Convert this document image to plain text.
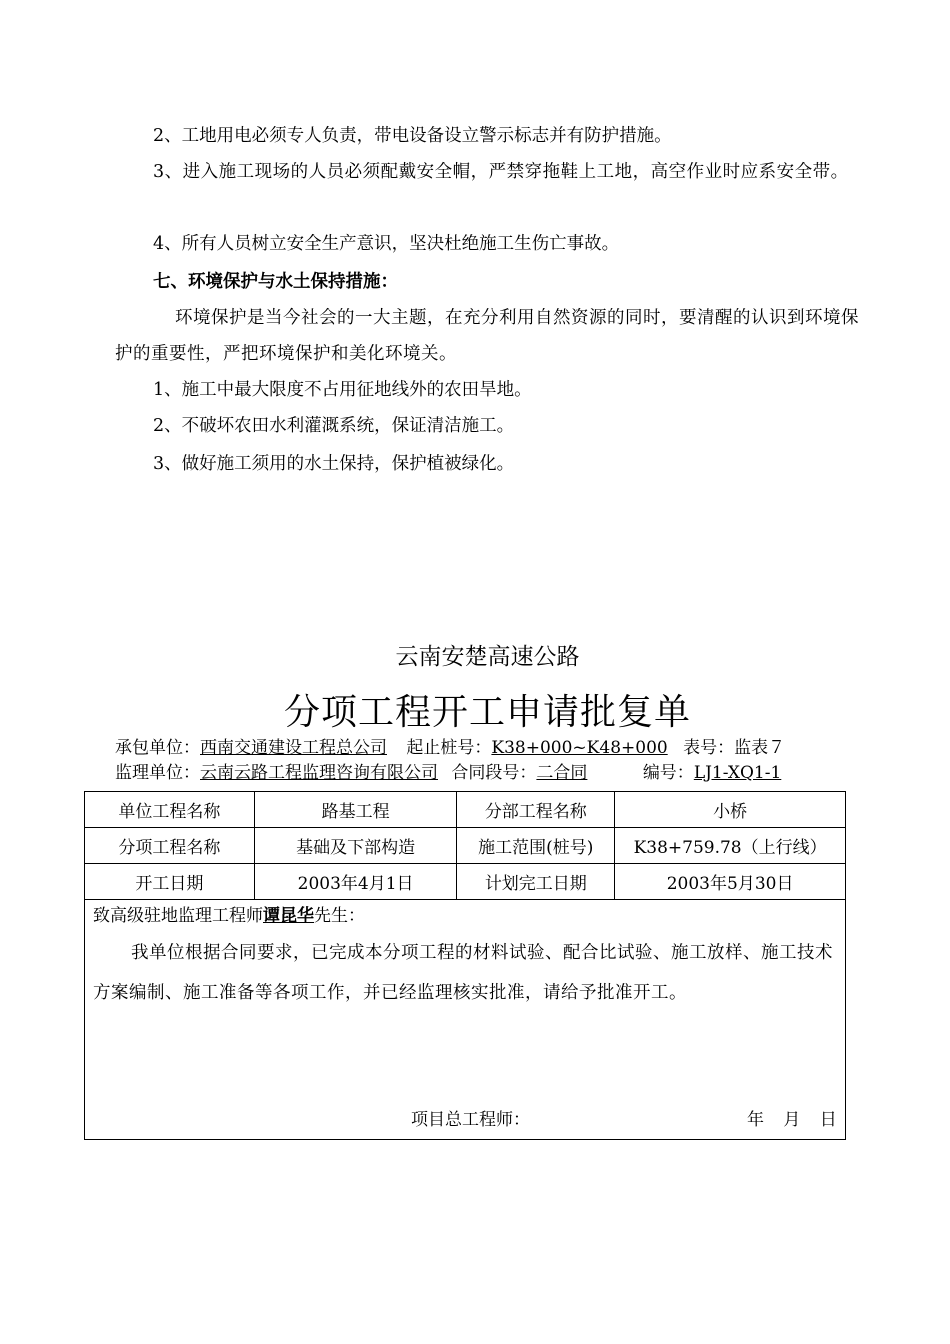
2、工地用电必须专人负责，带电设备设立警示标志并有防护措施。
3、进入施工现场的人员必须配戴安全帽，严禁穿拖鞋上工地，高空作业时应系安全带。
4、所有人员树立安全生产意识，坚决杜绝施工生伤亡事故。
七、环境保护与水土保持措施：
环境保护是当今社会的一大主题，在充分利用自然资源的同时，要清醒的认识到环境保护的重要性，严把环境保护和美化环境关。
1、施工中最大限度不占用征地线外的农田旱地。
2、不破坏农田水利灌溉系统，保证清洁施工。
3、做好施工须用的水土保持，保护植被绿化。
云南安楚高速公路
分项工程开工申请批复单
承包单位：西南交通建设工程总公司 起止桩号：K38+000~K48+000 表号：监表７
监理单位：云南云路工程监理咨询有限公司 合同段号：二合同	编号：LJ1-XQ1-1
单位工程名称	路基工程	分部工程名称	小桥
分项工程名称	基础及下部构造	施工范围(桩号)	K38+759.78（上行线）
开工日期	2003年4月1日	计划完工日期	2003年5月30日
致高级驻地监理工程师谭昆华先生：
我单位根据合同要求，已完成本分项工程的材料试验、配合比试验、施工放样、施工技术方案编制、施工准备等各项工作，并已经监理核实批准，请给予批准开工。
项目总工程师：	年 月 日
